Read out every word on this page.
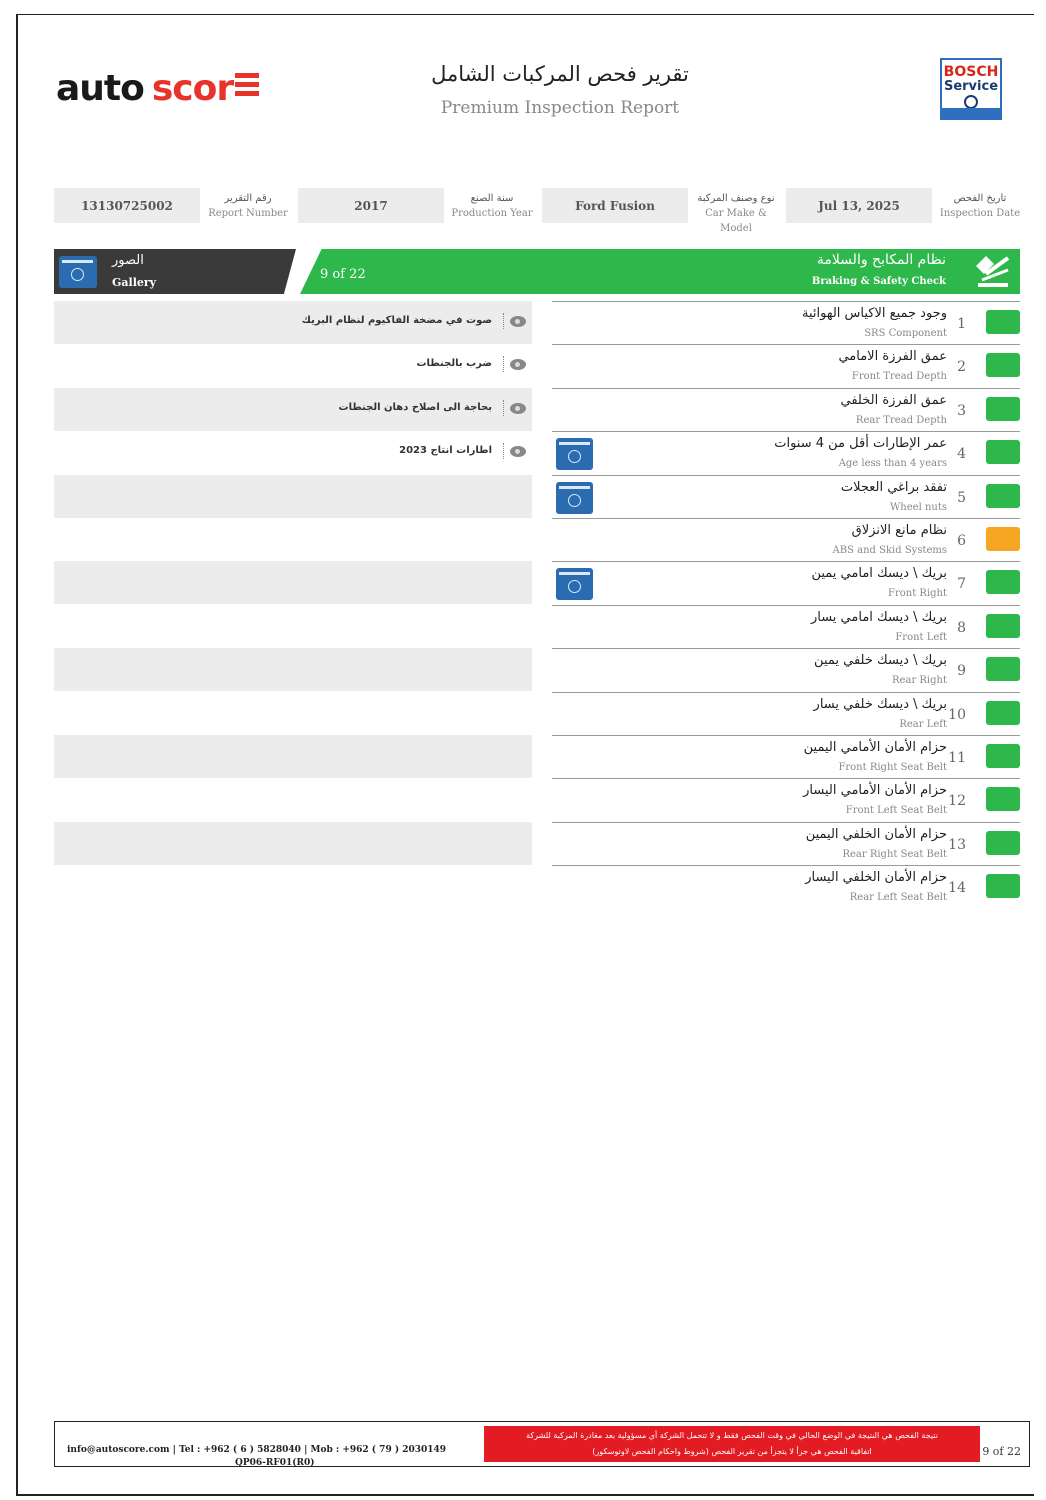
auto scor	تقرير فحص المركبات الشامل
Premium Inspection Report
BOSCH
Service
13130725002	رقم التقرير
Report Number
2017	سنة الصنع
Production Year
Ford Fusion	نوع وصنف المركبة
Car Make & Model
Jul 13, 2025	تاريخ الفحص
Inspection Date
الصور
Gallery
9 of 22
نظام المكابح والسلامة
Braking & Safety Check
وجود جميع الاكياس الهوائية
SRS Component
1
عمق الفرزة الامامي
Front Tread Depth
2
عمق الفرزة الخلفي
Rear Tread Depth
3
عمر الإطارات أقل من 4 سنوات
Age less than 4 years
4
تفقد براغي العجلات
Wheel nuts
5
نظام مانع الانزلاق
ABS and Skid Systems
6
بريك \ ديسك امامي يمين
Front Right
7
بريك \ ديسك امامي يسار
Front Left
8
بريك \ ديسك خلفي يمين
Rear Right
9
بريك \ ديسك خلفي يسار
Rear Left
10
حزام الأمان الأمامي اليمين
Front Right Seat Belt
11
حزام الأمان الأمامي اليسار
Front Left Seat Belt
12
حزام الأمان الخلفي اليمين
Rear Right Seat Belt
13
حزام الأمان الخلفي اليسار
Rear Left Seat Belt
14
صوت في مضخة الفاكيوم لنظام البريك
ضرب بالجنطات
بحاجة الى اصلاح دهان الجنطات
اطارات انتاج 2023
info@autoscore.com | Tel : +962 ( 6 ) 5828040 | Mob : +962 ( 79 ) 2030149
QP06-RF01(R0)
نتيجة الفحص هي النتيجة في الوضع الحالي في وقت الفحص فقط و لا تتحمل الشركة أي مسؤولية بعد مغادرة المركبة للشركة
اتفاقية الفحص هي جزأ لا يتجزأ من تقرير الفحص (شروط واحكام الفحص لاوتوسكور)	9 of 22
